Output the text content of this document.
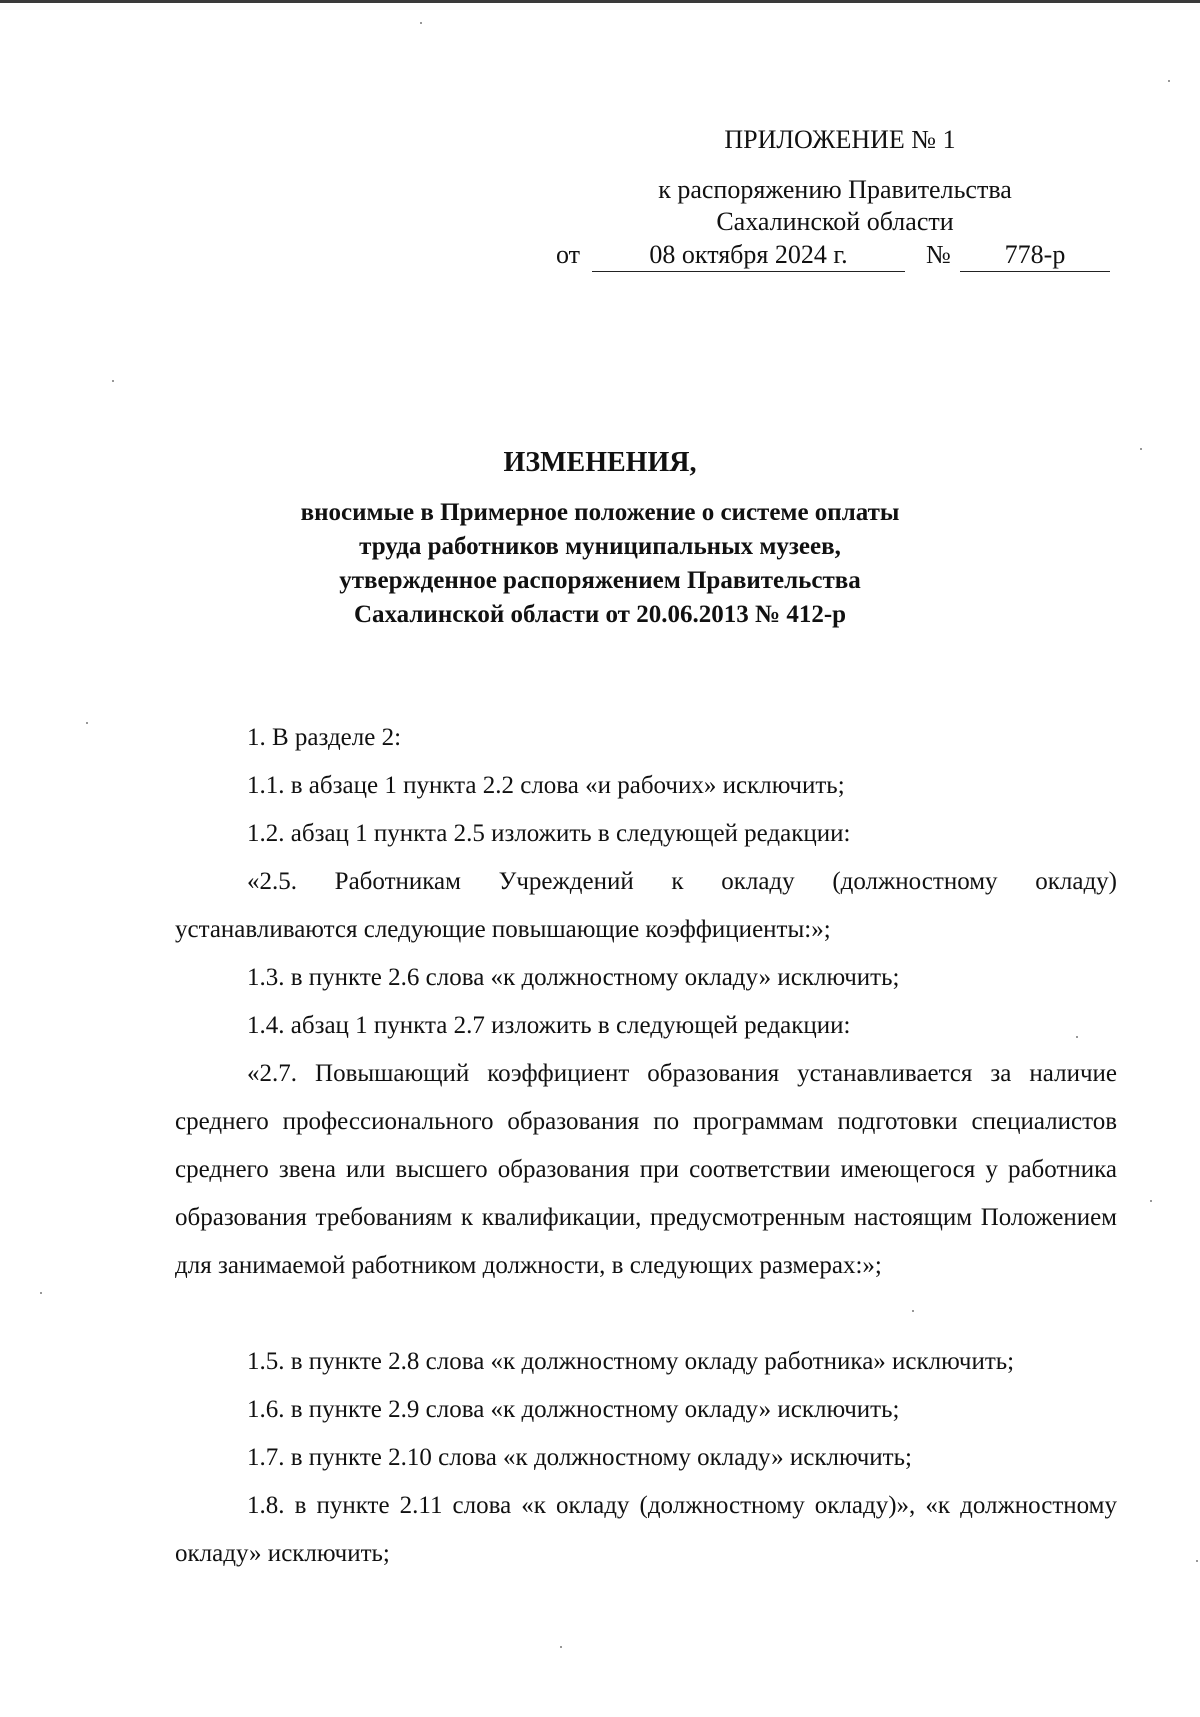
ПРИЛОЖЕНИЕ № 1
к распоряжению Правительства
Сахалинской области
от	08 октября 2024 г.	№	778-р
ИЗМЕНЕНИЯ,
вносимые в Примерное положение о системе оплаты
труда работников муниципальных музеев,
утвержденное распоряжением Правительства
Сахалинской области от 20.06.2013 № 412-р
1. В разделе 2:
1.1. в абзаце 1 пункта 2.2 слова «и рабочих» исключить;
1.2. абзац 1 пункта 2.5 изложить в следующей редакции:
«2.5. Работникам Учреждений к окладу (должностному окладу) устанавливаются следующие повышающие коэффициенты:»;
1.3. в пункте 2.6 слова «к должностному окладу» исключить;
1.4. абзац 1 пункта 2.7 изложить в следующей редакции:
«2.7. Повышающий коэффициент образования устанавливается за наличие среднего профессионального образования по программам подготовки специалистов среднего звена или высшего образования при соответствии имеющегося у работника образования требованиям к квалификации, предусмотренным настоящим Положением для занимаемой работником должности, в следующих размерах:»;
1.5. в пункте 2.8 слова «к должностному окладу работника» исключить;
1.6. в пункте 2.9 слова «к должностному окладу» исключить;
1.7. в пункте 2.10 слова «к должностному окладу» исключить;
1.8. в пункте 2.11 слова «к окладу (должностному окладу)», «к должностному окладу» исключить;
